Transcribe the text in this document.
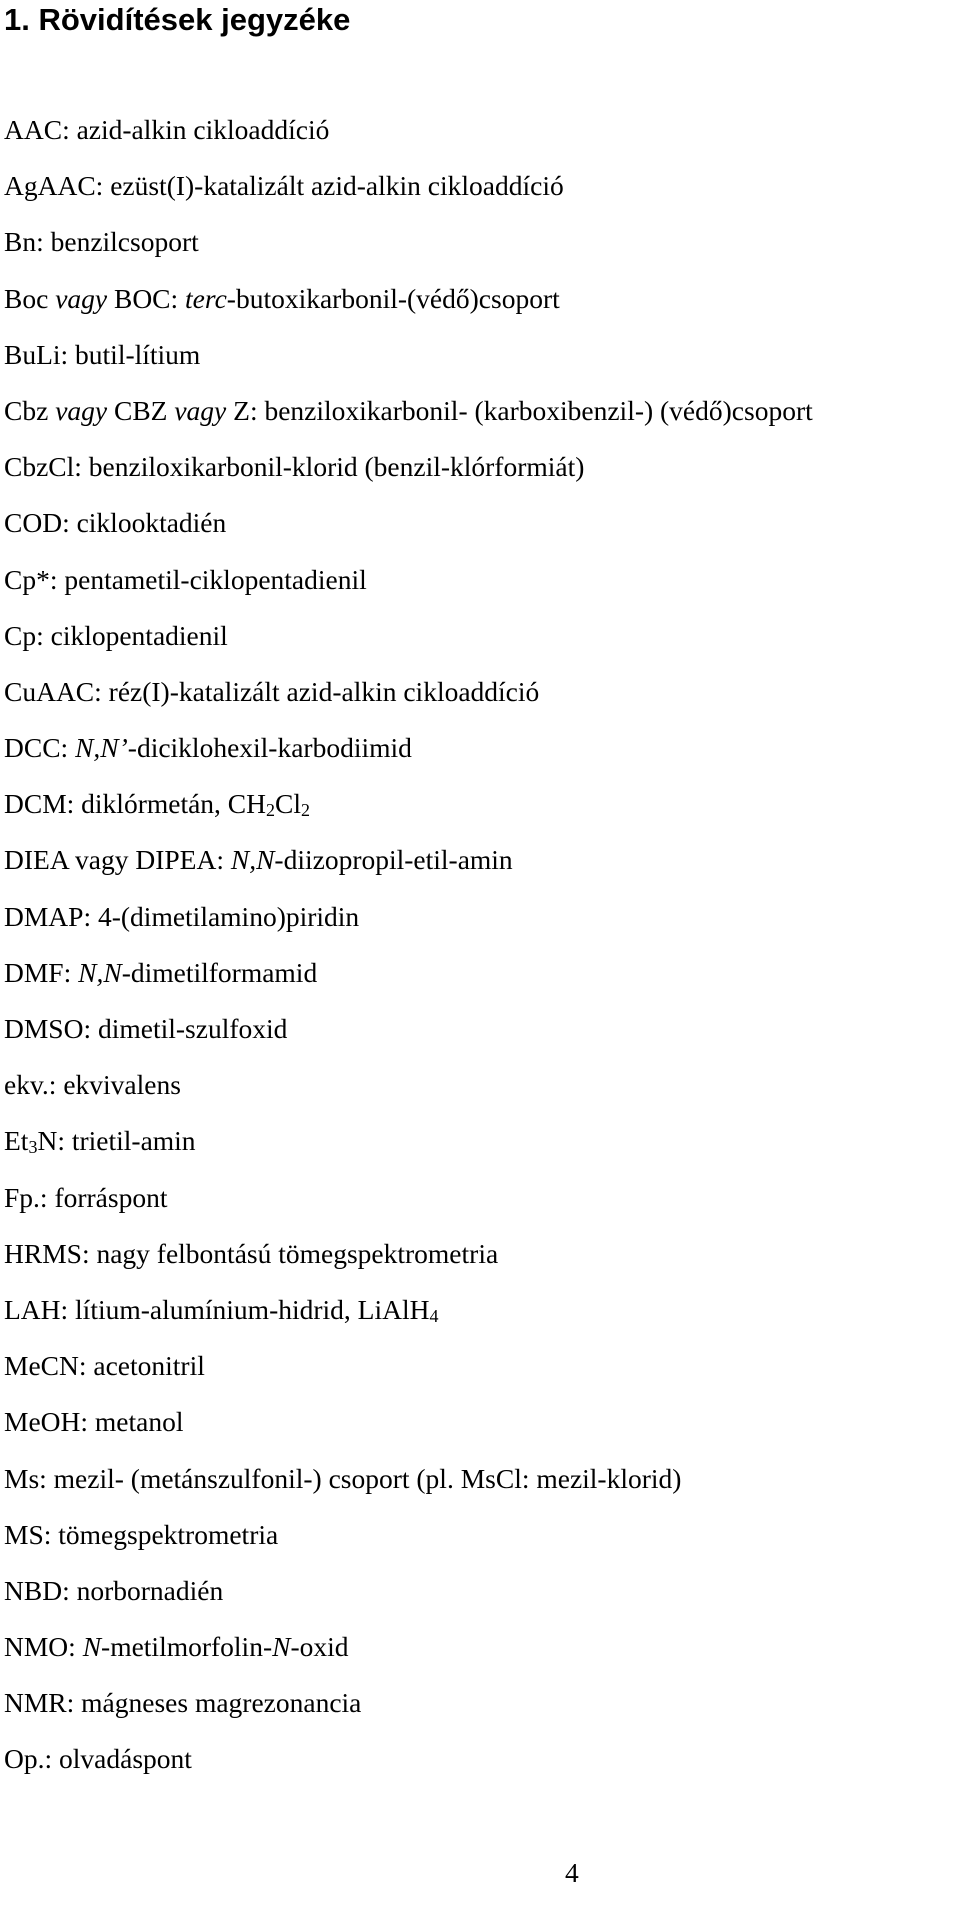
1. Rövidítések jegyzéke
AAC: azid-alkin cikloaddíció
AgAAC: ezüst(I)-katalizált azid-alkin cikloaddíció
Bn: benzilcsoport
Boc vagy BOC: terc-butoxikarbonil-(védő)csoport
BuLi: butil-lítium
Cbz vagy CBZ vagy Z: benziloxikarbonil- (karboxibenzil-) (védő)csoport
CbzCl: benziloxikarbonil-klorid (benzil-klórformiát)
COD: ciklooktadién
Cp*: pentametil-ciklopentadienil
Cp: ciklopentadienil
CuAAC: réz(I)-katalizált azid-alkin cikloaddíció
DCC: N,N’-diciklohexil-karbodiimid
DCM: diklórmetán, $CH_2Cl_2$
DIEA vagy DIPEA: N,N-diizopropil-etil-amin
DMAP: 4-(dimetilamino)piridin
DMF: N,N-dimetilformamid
DMSO: dimetil-szulfoxid
ekv.: ekvivalens
$Et_3N$: trietil-amin
Fp.: forráspont
HRMS: nagy felbontású tömegspektrometria
LAH: lítium-alumínium-hidrid, LiAlH$_4$
MeCN: acetonitril
MeOH: metanol
Ms: mezil- (metánszulfonil-) csoport (pl. MsCl: mezil-klorid)
MS: tömegspektrometria
NBD: norbornadién
NMO: N-metilmorfolin-N-oxid
NMR: mágneses magrezonancia
Op.: olvadáspont
4
